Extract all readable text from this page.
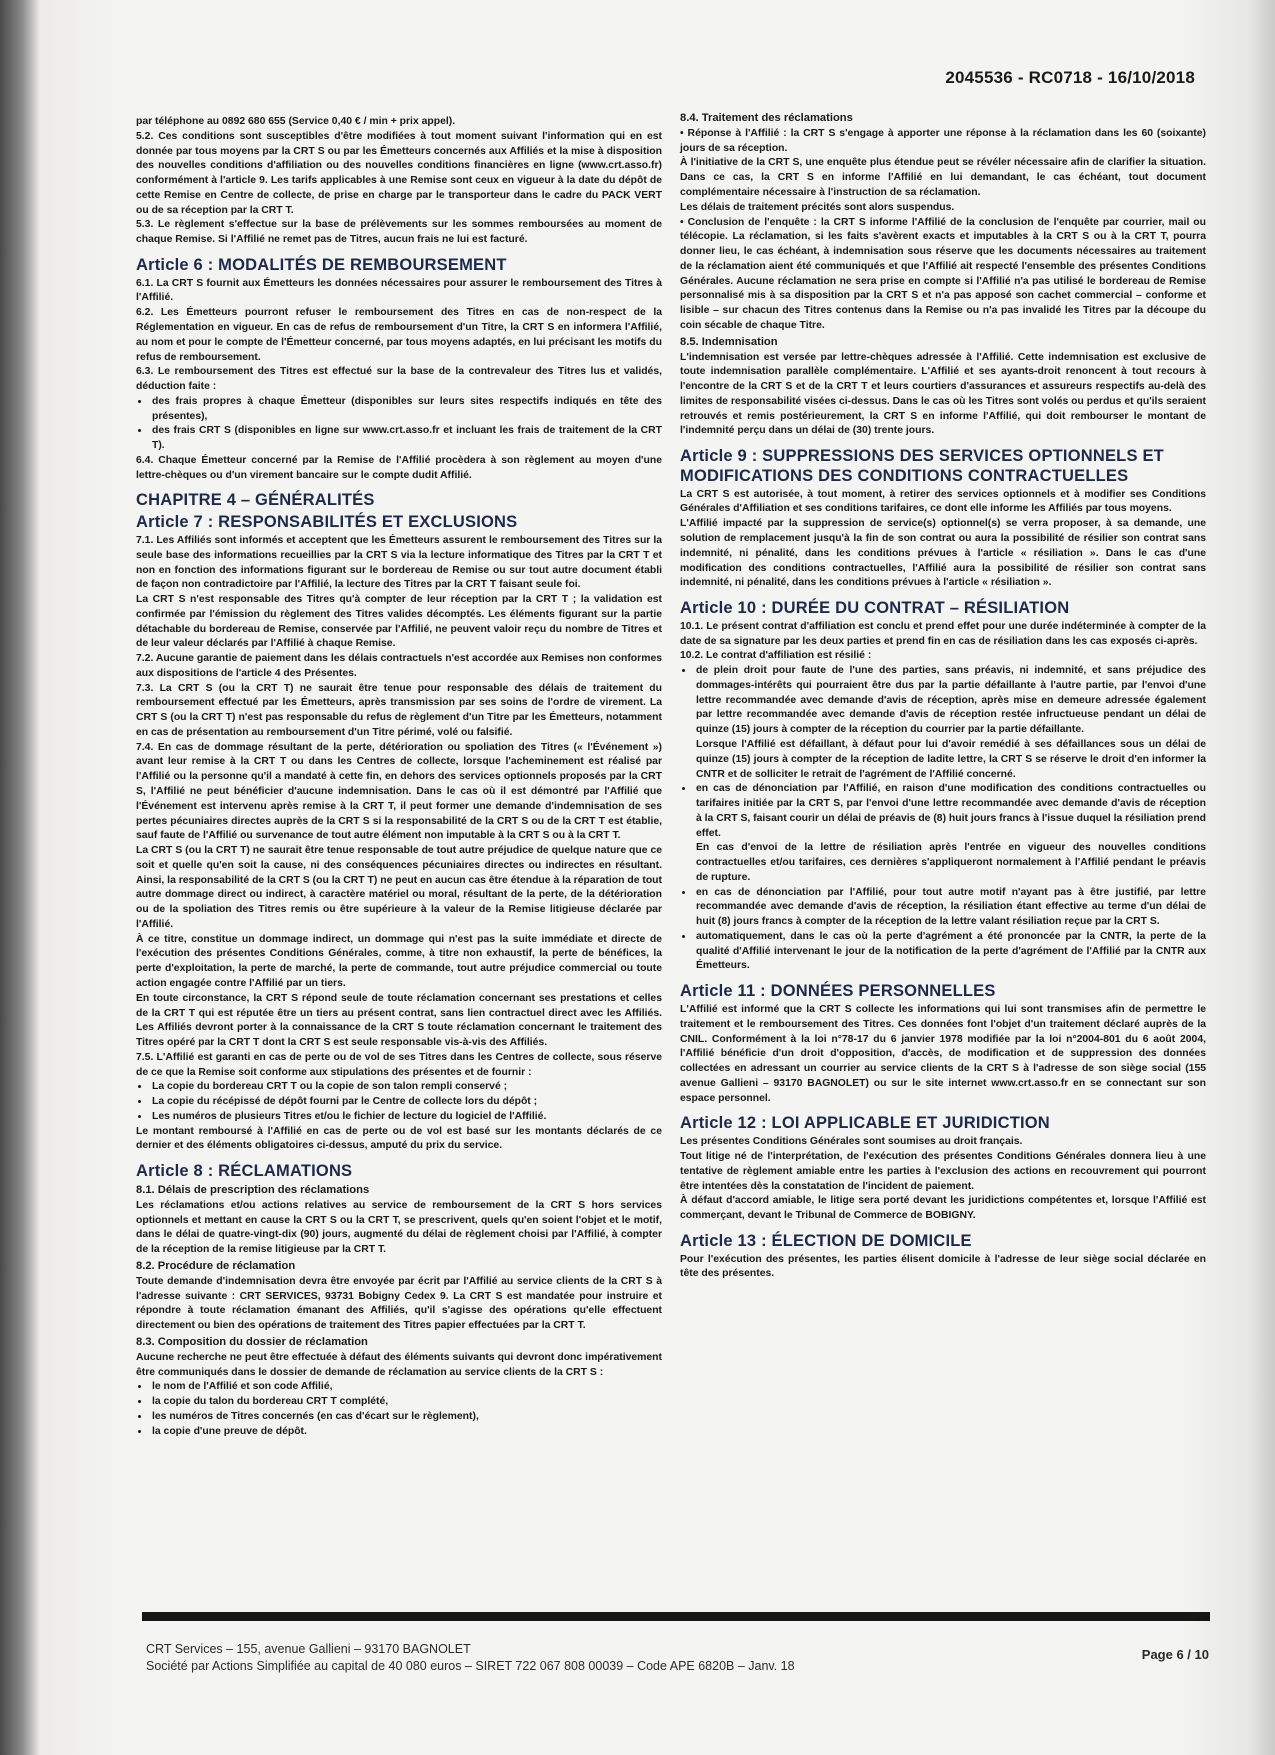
2045536 - RC0718 - 16/10/2018

par téléphone au 0892 680 655 (Service 0,40 € / min + prix appel).

5.2. Ces conditions sont susceptibles d'être modifiées à tout moment suivant l'information qui en est donnée par tous moyens par la CRT S ou par les Émetteurs concernés aux Affiliés et la mise à disposition des nouvelles conditions d'affiliation ou des nouvelles conditions financières en ligne (www.crt.asso.fr) conformément à l'article 9. Les tarifs applicables à une Remise sont ceux en vigueur à la date du dépôt de cette Remise en Centre de collecte, de prise en charge par le transporteur dans le cadre du PACK VERT ou de sa réception par la CRT T.

5.3. Le règlement s'effectue sur la base de prélèvements sur les sommes remboursées au moment de chaque Remise. Si l'Affilié ne remet pas de Titres, aucun frais ne lui est facturé.

Article 6 : MODALITÉS DE REMBOURSEMENT

6.1. La CRT S fournit aux Émetteurs les données nécessaires pour assurer le remboursement des Titres à l'Affilié.

6.2. Les Émetteurs pourront refuser le remboursement des Titres en cas de non-respect de la Réglementation en vigueur. En cas de refus de remboursement d'un Titre, la CRT S en informera l'Affilié, au nom et pour le compte de l'Émetteur concerné, par tous moyens adaptés, en lui précisant les motifs du refus de remboursement.

6.3. Le remboursement des Titres est effectué sur la base de la contrevaleur des Titres lus et validés, déduction faite :

• des frais propres à chaque Émetteur (disponibles sur leurs sites respectifs indiqués en tête des présentes),
• des frais CRT S (disponibles en ligne sur www.crt.asso.fr et incluant les frais de traitement de la CRT T).

6.4. Chaque Émetteur concerné par la Remise de l'Affilié procèdera à son règlement au moyen d'une lettre-chèques ou d'un virement bancaire sur le compte dudit Affilié.

CHAPITRE 4 – GÉNÉRALITÉS
Article 7 : RESPONSABILITÉS ET EXCLUSIONS

7.1. Les Affiliés sont informés et acceptent que les Émetteurs assurent le remboursement des Titres sur la seule base des informations recueillies par la CRT S via la lecture informatique des Titres par la CRT T et non en fonction des informations figurant sur le bordereau de Remise ou sur tout autre document établi de façon non contradictoire par l'Affilié, la lecture des Titres par la CRT T faisant seule foi.

La CRT S n'est responsable des Titres qu'à compter de leur réception par la CRT T ; la validation est confirmée par l'émission du règlement des Titres valides décomptés. Les éléments figurant sur la partie détachable du bordereau de Remise, conservée par l'Affilié, ne peuvent valoir reçu du nombre de Titres et de leur valeur déclarés par l'Affilié à chaque Remise.

7.2. Aucune garantie de paiement dans les délais contractuels n'est accordée aux Remises non conformes aux dispositions de l'article 4 des Présentes.

7.3. La CRT S (ou la CRT T) ne saurait être tenue pour responsable des délais de traitement du remboursement effectué par les Émetteurs, après transmission par ses soins de l'ordre de virement. La CRT S (ou la CRT T) n'est pas responsable du refus de règlement d'un Titre par les Émetteurs, notamment en cas de présentation au remboursement d'un Titre périmé, volé ou falsifié.

7.4. En cas de dommage résultant de la perte, détérioration ou spoliation des Titres (« l'Événement ») avant leur remise à la CRT T ou dans les Centres de collecte, lorsque l'acheminement est réalisé par l'Affilié ou la personne qu'il a mandaté à cette fin, en dehors des services optionnels proposés par la CRT S, l'Affilié ne peut bénéficier d'aucune indemnisation. Dans le cas où il est démontré par l'Affilié que l'Événement est intervenu après remise à la CRT T, il peut former une demande d'indemnisation de ses pertes pécuniaires directes auprès de la CRT S si la responsabilité de la CRT S ou de la CRT T est établie, sauf faute de l'Affilié ou survenance de tout autre élément non imputable à la CRT S ou à la CRT T.

La CRT S (ou la CRT T) ne saurait être tenue responsable de tout autre préjudice de quelque nature que ce soit et quelle qu'en soit la cause, ni des conséquences pécuniaires directes ou indirectes en résultant. Ainsi, la responsabilité de la CRT S (ou la CRT T) ne peut en aucun cas être étendue à la réparation de tout autre dommage direct ou indirect, à caractère matériel ou moral, résultant de la perte, de la détérioration ou de la spoliation des Titres remis ou être supérieure à la valeur de la Remise litigieuse déclarée par l'Affilié.

À ce titre, constitue un dommage indirect, un dommage qui n'est pas la suite immédiate et directe de l'exécution des présentes Conditions Générales, comme, à titre non exhaustif, la perte de bénéfices, la perte d'exploitation, la perte de marché, la perte de commande, tout autre préjudice commercial ou toute action engagée contre l'Affilié par un tiers.

En toute circonstance, la CRT S répond seule de toute réclamation concernant ses prestations et celles de la CRT T qui est réputée être un tiers au présent contrat, sans lien contractuel direct avec les Affiliés. Les Affiliés devront porter à la connaissance de la CRT S toute réclamation concernant le traitement des Titres opéré par la CRT T dont la CRT S est seule responsable vis-à-vis des Affiliés.

7.5. L'Affilié est garanti en cas de perte ou de vol de ses Titres dans les Centres de collecte, sous réserve de ce que la Remise soit conforme aux stipulations des présentes et de fournir :

• La copie du bordereau CRT T ou la copie de son talon rempli conservé ;
• La copie du récépissé de dépôt fourni par le Centre de collecte lors du dépôt ;
• Les numéros de plusieurs Titres et/ou le fichier de lecture du logiciel de l'Affilié.

Le montant remboursé à l'Affilié en cas de perte ou de vol est basé sur les montants déclarés de ce dernier et des éléments obligatoires ci-dessus, amputé du prix du service.

Article 8 : RÉCLAMATIONS
8.1. Délais de prescription des réclamations

Les réclamations et/ou actions relatives au service de remboursement de la CRT S hors services optionnels et mettant en cause la CRT S ou la CRT T, se prescrivent, quels qu'en soient l'objet et le motif, dans le délai de quatre-vingt-dix (90) jours, augmenté du délai de règlement choisi par l'Affilié, à compter de la réception de la remise litigieuse par la CRT T.

8.2. Procédure de réclamation

Toute demande d'indemnisation devra être envoyée par écrit par l'Affilié au service clients de la CRT S à l'adresse suivante : CRT SERVICES, 93731 Bobigny Cedex 9. La CRT S est mandatée pour instruire et répondre à toute réclamation émanant des Affiliés, qu'il s'agisse des opérations qu'elle effectuent directement ou bien des opérations de traitement des Titres papier effectuées par la CRT T.

8.3. Composition du dossier de réclamation

Aucune recherche ne peut être effectuée à défaut des éléments suivants qui devront donc impérativement être communiqués dans le dossier de demande de réclamation au service clients de la CRT S :

• le nom de l'Affilié et son code Affilié,
• la copie du talon du bordereau CRT T complété,
• les numéros de Titres concernés (en cas d'écart sur le règlement),
• la copie d'une preuve de dépôt.
8.4. Traitement des réclamations

• Réponse à l'Affilié : la CRT S s'engage à apporter une réponse à la réclamation dans les 60 (soixante) jours de sa réception.

À l'initiative de la CRT S, une enquête plus étendue peut se révéler nécessaire afin de clarifier la situation. Dans ce cas, la CRT S en informe l'Affilié en lui demandant, le cas échéant, tout document complémentaire nécessaire à l'instruction de sa réclamation.

Les délais de traitement précités sont alors suspendus.

• Conclusion de l'enquête : la CRT S informe l'Affilié de la conclusion de l'enquête par courrier, mail ou télécopie. La réclamation, si les faits s'avèrent exacts et imputables à la CRT S ou à la CRT T, pourra donner lieu, le cas échéant, à indemnisation sous réserve que les documents nécessaires au traitement de la réclamation aient été communiqués et que l'Affilié ait respecté l'ensemble des présentes Conditions Générales. Aucune réclamation ne sera prise en compte si l'Affilié n'a pas utilisé le bordereau de Remise personnalisé mis à sa disposition par la CRT S et n'a pas apposé son cachet commercial – conforme et lisible – sur chacun des Titres contenus dans la Remise ou n'a pas invalidé les Titres par la découpe du coin sécable de chaque Titre.

8.5. Indemnisation

L'indemnisation est versée par lettre-chèques adressée à l'Affilié. Cette indemnisation est exclusive de toute indemnisation parallèle complémentaire. L'Affilié et ses ayants-droit renoncent à tout recours à l'encontre de la CRT S et de la CRT T et leurs courtiers d'assurances et assureurs respectifs au-delà des limites de responsabilité visées ci-dessus. Dans le cas où les Titres sont volés ou perdus et qu'ils seraient retrouvés et remis postérieurement, la CRT S en informe l'Affilié, qui doit rembourser le montant de l'indemnité perçu dans un délai de (30) trente jours.

Article 9 : SUPPRESSIONS DES SERVICES OPTIONNELS ET MODIFICATIONS DES CONDITIONS CONTRACTUELLES

La CRT S est autorisée, à tout moment, à retirer des services optionnels et à modifier ses Conditions Générales d'Affiliation et ses conditions tarifaires, ce dont elle informe les Affiliés par tous moyens.

L'Affilié impacté par la suppression de service(s) optionnel(s) se verra proposer, à sa demande, une solution de remplacement jusqu'à la fin de son contrat ou aura la possibilité de résilier son contrat sans indemnité, ni pénalité, dans les conditions prévues à l'article « résiliation ». Dans le cas d'une modification des conditions contractuelles, l'Affilié aura la possibilité de résilier son contrat sans indemnité, ni pénalité, dans les conditions prévues à l'article « résiliation ».

Article 10 : DURÉE DU CONTRAT – RÉSILIATION

10.1. Le présent contrat d'affiliation est conclu et prend effet pour une durée indéterminée à compter de la date de sa signature par les deux parties et prend fin en cas de résiliation dans les cas exposés ci-après.

10.2. Le contrat d'affiliation est résilié :

• de plein droit pour faute de l'une des parties, sans préavis, ni indemnité, et sans préjudice des dommages-intérêts qui pourraient être dus par la partie défaillante à l'autre partie, par l'envoi d'une lettre recommandée avec demande d'avis de réception, après mise en demeure adressée également par lettre recommandée avec demande d'avis de réception restée infructueuse pendant un délai de quinze (15) jours à compter de la réception du courrier par la partie défaillante.
Lorsque l'Affilié est défaillant, à défaut pour lui d'avoir remédié à ses défaillances sous un délai de quinze (15) jours à compter de la réception de ladite lettre, la CRT S se réserve le droit d'en informer la CNTR et de solliciter le retrait de l'agrément de l'Affilié concerné.
• en cas de dénonciation par l'Affilié, en raison d'une modification des conditions contractuelles ou tarifaires initiée par la CRT S, par l'envoi d'une lettre recommandée avec demande d'avis de réception à la CRT S, faisant courir un délai de préavis de (8) huit jours francs à l'issue duquel la résiliation prend effet.
En cas d'envoi de la lettre de résiliation après l'entrée en vigueur des nouvelles conditions contractuelles et/ou tarifaires, ces dernières s'appliqueront normalement à l'Affilié pendant le préavis de rupture.
• en cas de dénonciation par l'Affilié, pour tout autre motif n'ayant pas à être justifié, par lettre recommandée avec demande d'avis de réception, la résiliation étant effective au terme d'un délai de huit (8) jours francs à compter de la réception de la lettre valant résiliation reçue par la CRT S.
• automatiquement, dans le cas où la perte d'agrément a été prononcée par la CNTR, la perte de la qualité d'Affilié intervenant le jour de la notification de la perte d'agrément de l'Affilié par la CNTR aux Émetteurs.
Article 11 : DONNÉES PERSONNELLES

L'Affilié est informé que la CRT S collecte les informations qui lui sont transmises afin de permettre le traitement et le remboursement des Titres. Ces données font l'objet d'un traitement déclaré auprès de la CNIL. Conformément à la loi n°78-17 du 6 janvier 1978 modifiée par la loi n°2004-801 du 6 août 2004, l'Affilié bénéficie d'un droit d'opposition, d'accès, de modification et de suppression des données collectées en adressant un courrier au service clients de la CRT S à l'adresse de son siège social (155 avenue Gallieni – 93170 BAGNOLET) ou sur le site internet www.crt.asso.fr en se connectant sur son espace personnel.

Article 12 : LOI APPLICABLE ET JURIDICTION

Les présentes Conditions Générales sont soumises au droit français.

Tout litige né de l'interprétation, de l'exécution des présentes Conditions Générales donnera lieu à une tentative de règlement amiable entre les parties à l'exclusion des actions en recouvrement qui pourront être intentées dès la constatation de l'incident de paiement.

À défaut d'accord amiable, le litige sera porté devant les juridictions compétentes et, lorsque l'Affilié est commerçant, devant le Tribunal de Commerce de BOBIGNY.

Article 13 : ÉLECTION DE DOMICILE

Pour l'exécution des présentes, les parties élisent domicile à l'adresse de leur siège social déclarée en tête des présentes.

CRT Services – 155, avenue Gallieni – 93170 BAGNOLET
Société par Actions Simplifiée au capital de 40 080 euros – SIRET 722 067 808 00039 – Code APE 6820B – Janv. 18
Page 6 / 10
